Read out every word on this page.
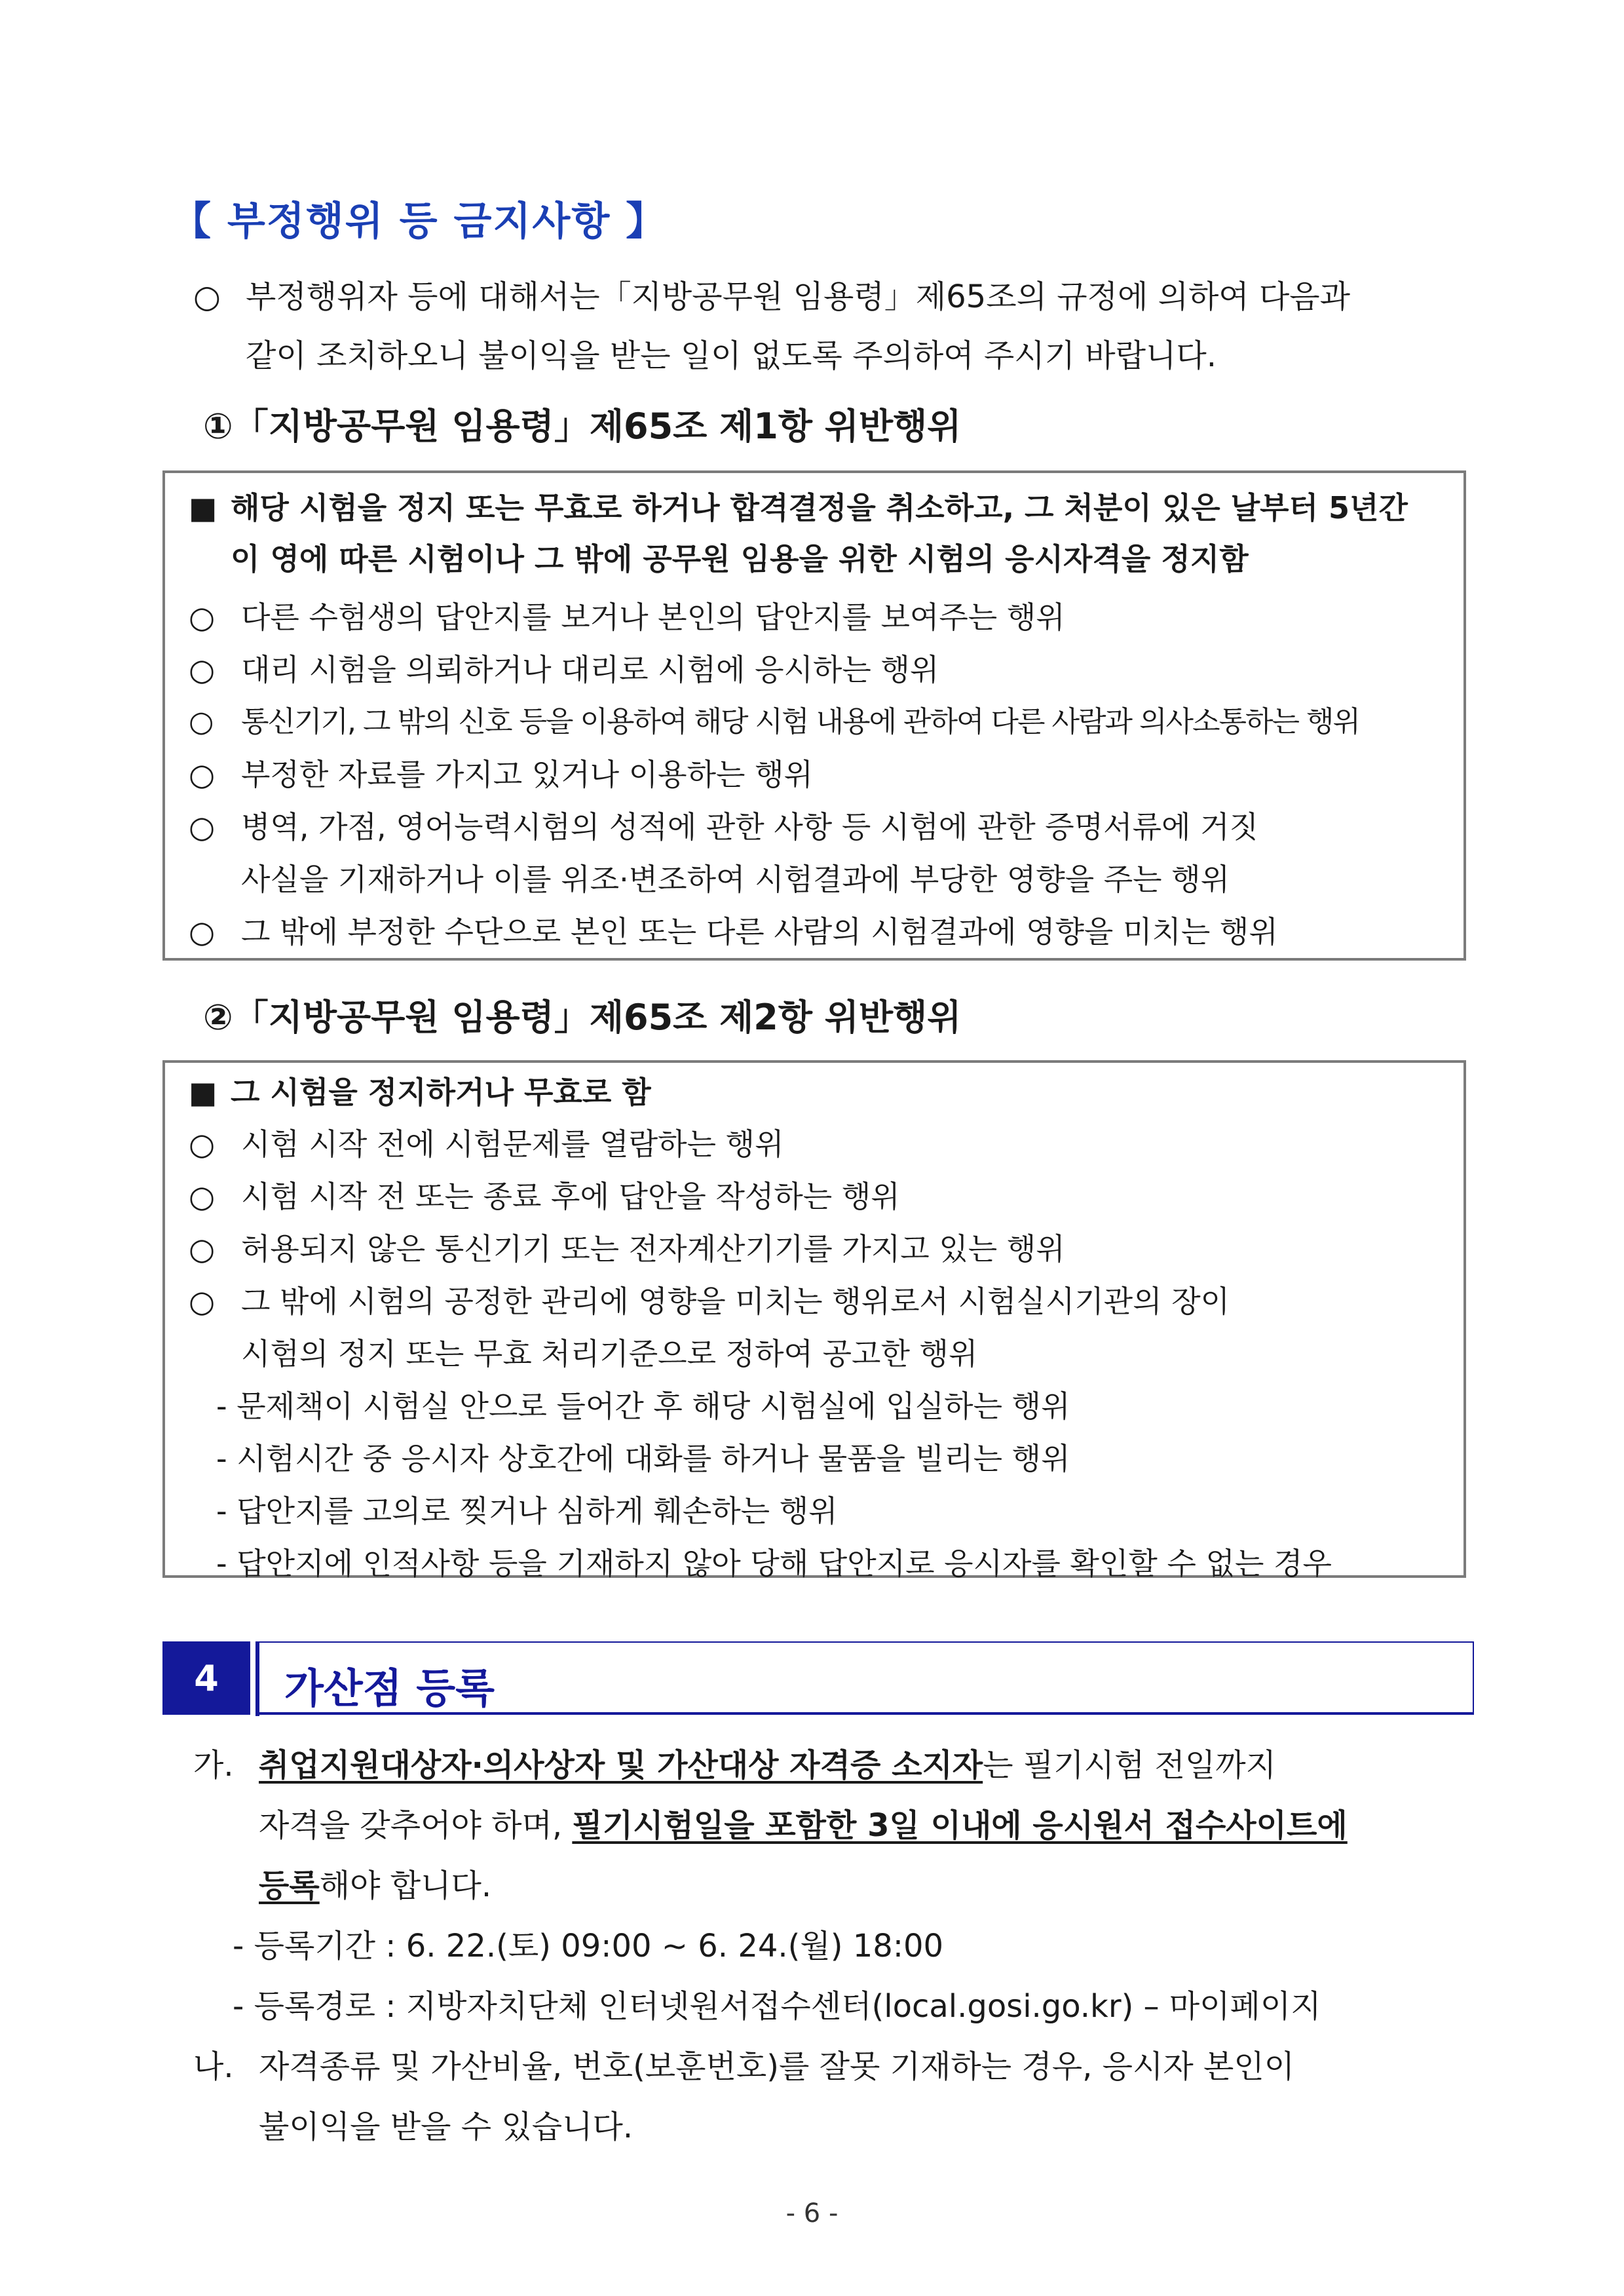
【 부정행위 등 금지사항 】
○ 부정행위자 등에 대해서는「지방공무원 임용령」제65조의 규정에 의하여 다음과
같이 조치하오니 불이익을 받는 일이 없도록 주의하여 주시기 바랍니다.
①「지방공무원 임용령」제65조 제1항 위반행위
■ 해당 시험을 정지 또는 무효로 하거나 합격결정을 취소하고, 그 처분이 있은 날부터 5년간
이 영에 따른 시험이나 그 밖에 공무원 임용을 위한 시험의 응시자격을 정지함
○ 다른 수험생의 답안지를 보거나 본인의 답안지를 보여주는 행위
○ 대리 시험을 의뢰하거나 대리로 시험에 응시하는 행위
○ 통신기기, 그 밖의 신호 등을 이용하여 해당 시험 내용에 관하여 다른 사람과 의사소통하는 행위
○ 부정한 자료를 가지고 있거나 이용하는 행위
○ 병역, 가점, 영어능력시험의 성적에 관한 사항 등 시험에 관한 증명서류에 거짓
사실을 기재하거나 이를 위조·변조하여 시험결과에 부당한 영향을 주는 행위
○ 그 밖에 부정한 수단으로 본인 또는 다른 사람의 시험결과에 영향을 미치는 행위
②「지방공무원 임용령」제65조 제2항 위반행위
■ 그 시험을 정지하거나 무효로 함
○ 시험 시작 전에 시험문제를 열람하는 행위
○ 시험 시작 전 또는 종료 후에 답안을 작성하는 행위
○ 허용되지 않은 통신기기 또는 전자계산기기를 가지고 있는 행위
○ 그 밖에 시험의 공정한 관리에 영향을 미치는 행위로서 시험실시기관의 장이
시험의 정지 또는 무효 처리기준으로 정하여 공고한 행위
- 문제책이 시험실 안으로 들어간 후 해당 시험실에 입실하는 행위
- 시험시간 중 응시자 상호간에 대화를 하거나 물품을 빌리는 행위
- 답안지를 고의로 찢거나 심하게 훼손하는 행위
- 답안지에 인적사항 등을 기재하지 않아 당해 답안지로 응시자를 확인할 수 없는 경우
4	가산점 등록
가. 취업지원대상자·의사상자 및 가산대상 자격증 소지자는 필기시험 전일까지
자격을 갖추어야 하며, 필기시험일을 포함한 3일 이내에 응시원서 접수사이트에
등록해야 합니다.
- 등록기간 : 6. 22.(토) 09:00 ~ 6. 24.(월) 18:00
- 등록경로 : 지방자치단체 인터넷원서접수센터(local.gosi.go.kr) – 마이페이지
나. 자격종류 및 가산비율, 번호(보훈번호)를 잘못 기재하는 경우, 응시자 본인이
불이익을 받을 수 있습니다.
- 6 -
